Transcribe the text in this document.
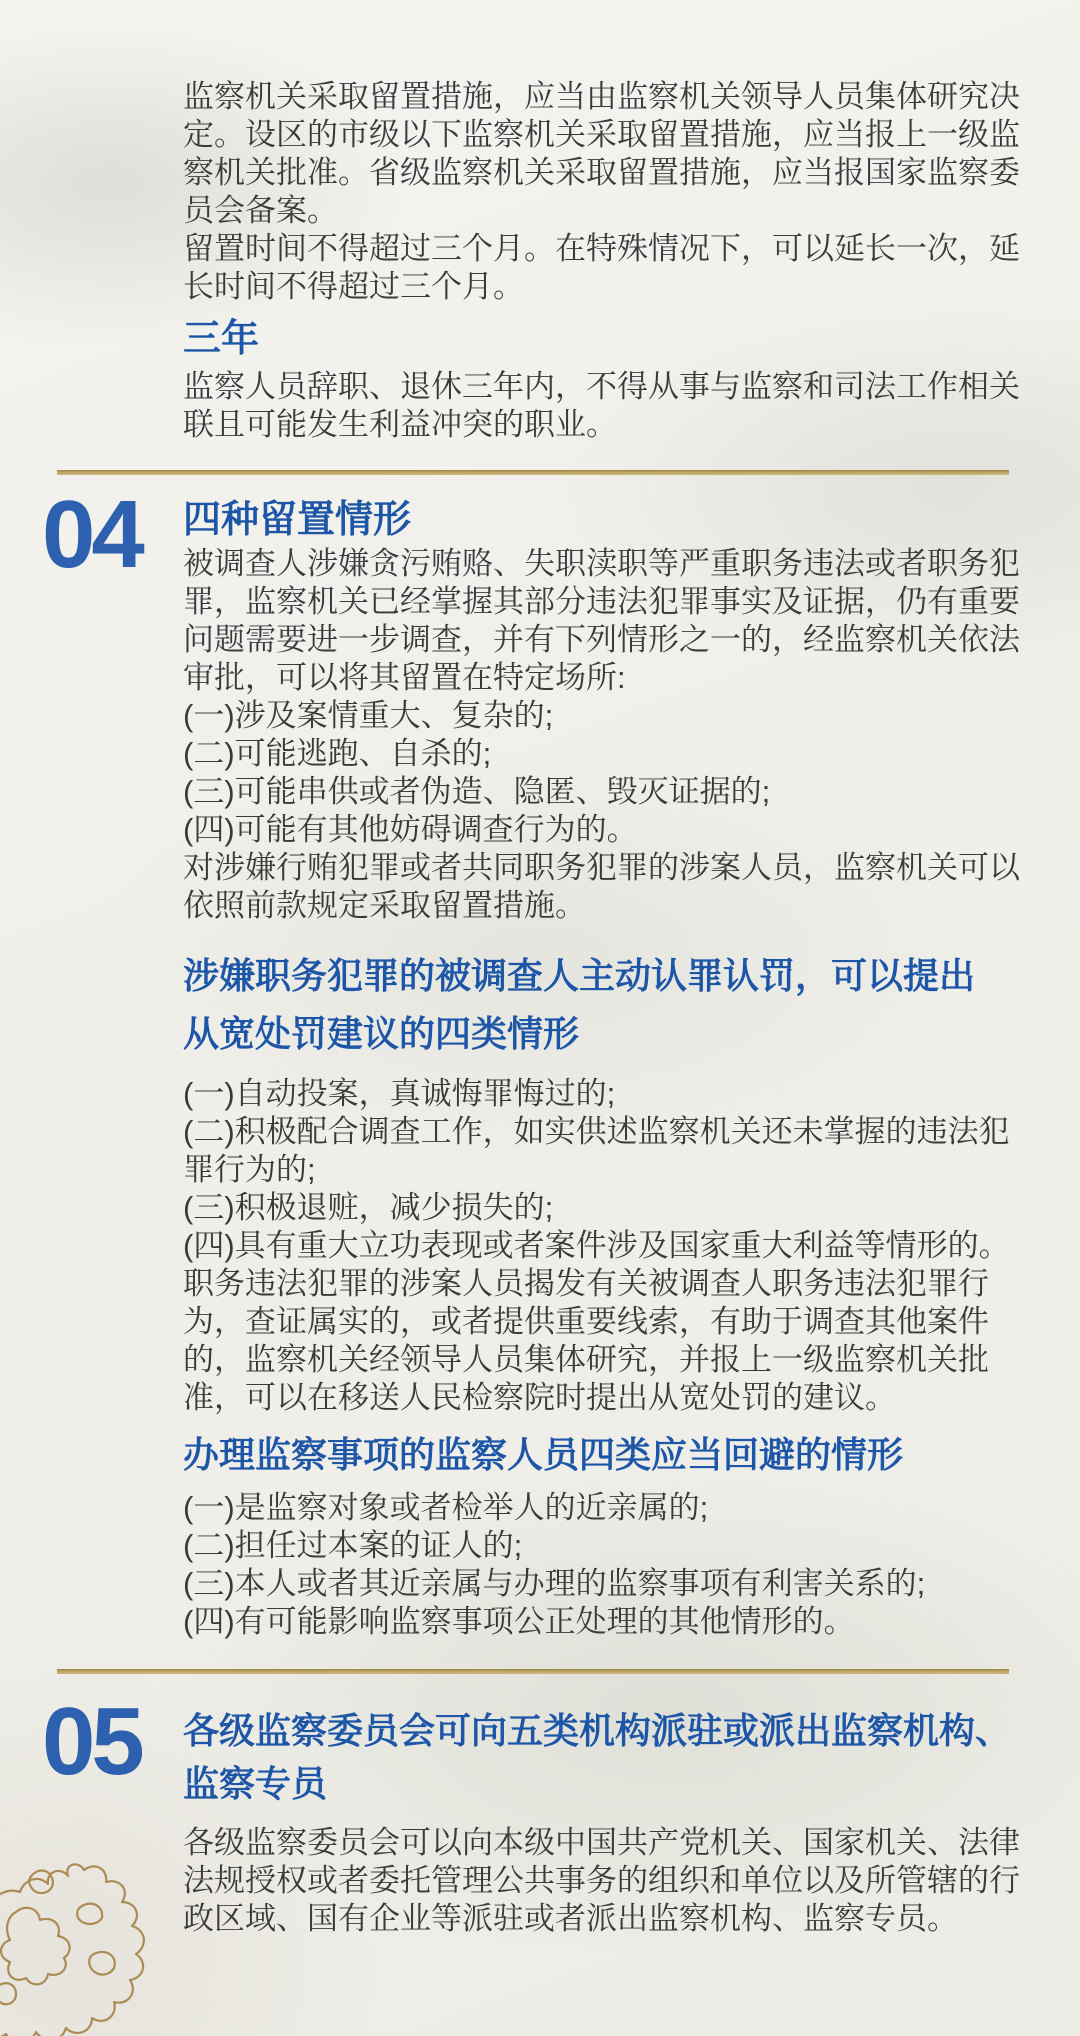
监察机关采取留置措施，应当由监察机关领导人员集体研究决定。设区的市级以下监察机关采取留置措施，应当报上一级监察机关批准。省级监察机关采取留置措施，应当报国家监察委员会备案。

留置时间不得超过三个月。在特殊情况下，可以延长一次，延长时间不得超过三个月。

三年

监察人员辞职、退休三年内，不得从事与监察和司法工作相关联且可能发生利益冲突的职业。

04 四种留置情形

被调查人涉嫌贪污贿赂、失职渎职等严重职务违法或者职务犯罪，监察机关已经掌握其部分违法犯罪事实及证据，仍有重要问题需要进一步调查，并有下列情形之一的，经监察机关依法审批，可以将其留置在特定场所:

(一)涉及案情重大、复杂的;

(二)可能逃跑、自杀的;

(三)可能串供或者伪造、隐匿、毁灭证据的;

(四)可能有其他妨碍调查行为的。

对涉嫌行贿犯罪或者共同职务犯罪的涉案人员，监察机关可以依照前款规定采取留置措施。

涉嫌职务犯罪的被调查人主动认罪认罚，可以提出从宽处罚建议的四类情形

(一)自动投案，真诚悔罪悔过的;

(二)积极配合调查工作，如实供述监察机关还未掌握的违法犯罪行为的;

(三)积极退赃，减少损失的;

(四)具有重大立功表现或者案件涉及国家重大利益等情形的。职务违法犯罪的涉案人员揭发有关被调查人职务违法犯罪行为，查证属实的，或者提供重要线索，有助于调查其他案件的，监察机关经领导人员集体研究，并报上一级监察机关批准，可以在移送人民检察院时提出从宽处罚的建议。

办理监察事项的监察人员四类应当回避的情形

(一)是监察对象或者检举人的近亲属的;

(二)担任过本案的证人的;

(三)本人或者其近亲属与办理的监察事项有利害关系的;

(四)有可能影响监察事项公正处理的其他情形的。

05 各级监察委员会可向五类机构派驻或派出监察机构、监察专员

各级监察委员会可以向本级中国共产党机关、国家机关、法律法规授权或者委托管理公共事务的组织和单位以及所管辖的行政区域、国有企业等派驻或者派出监察机构、监察专员。
